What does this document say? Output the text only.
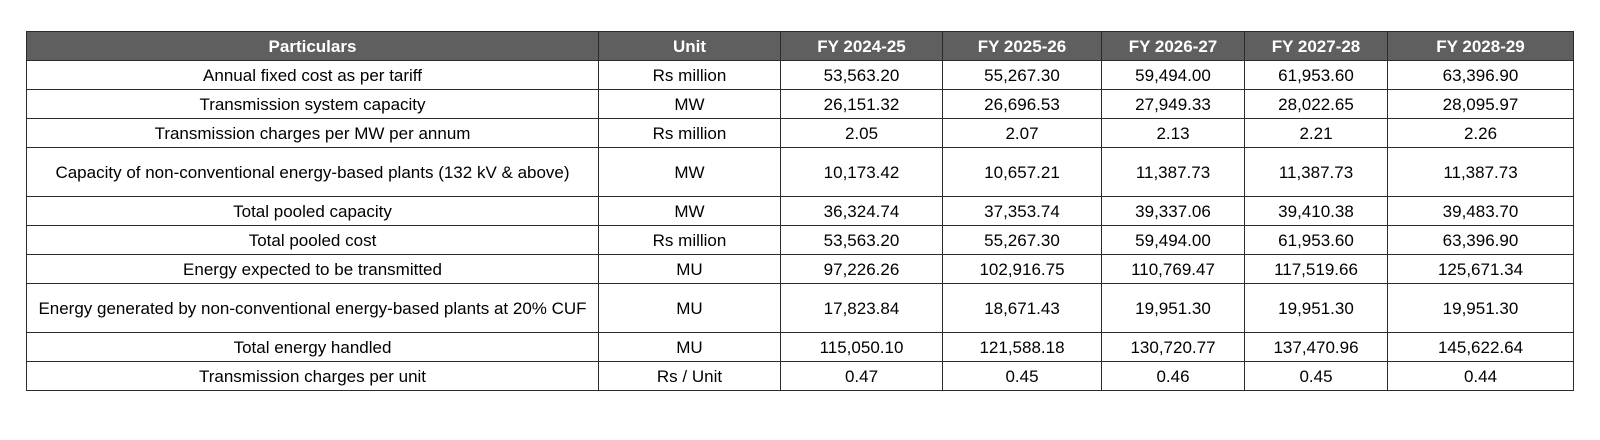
Particulars	Unit	FY 2024-25	FY 2025-26	FY 2026-27	FY 2027-28	FY 2028-29
Annual fixed cost as per tariff	Rs million	53,563.20	55,267.30	59,494.00	61,953.60	63,396.90
Transmission system capacity	MW	26,151.32	26,696.53	27,949.33	28,022.65	28,095.97
Transmission charges per MW per annum	Rs million	2.05	2.07	2.13	2.21	2.26
Capacity of non-conventional energy-based plants (132 kV & above)	MW	10,173.42	10,657.21	11,387.73	11,387.73	11,387.73
Total pooled capacity	MW	36,324.74	37,353.74	39,337.06	39,410.38	39,483.70
Total pooled cost	Rs million	53,563.20	55,267.30	59,494.00	61,953.60	63,396.90
Energy expected to be transmitted	MU	97,226.26	102,916.75	110,769.47	117,519.66	125,671.34
Energy generated by non-conventional energy-based plants at 20% CUF	MU	17,823.84	18,671.43	19,951.30	19,951.30	19,951.30
Total energy handled	MU	115,050.10	121,588.18	130,720.77	137,470.96	145,622.64
Transmission charges per unit	Rs / Unit	0.47	0.45	0.46	0.45	0.44
